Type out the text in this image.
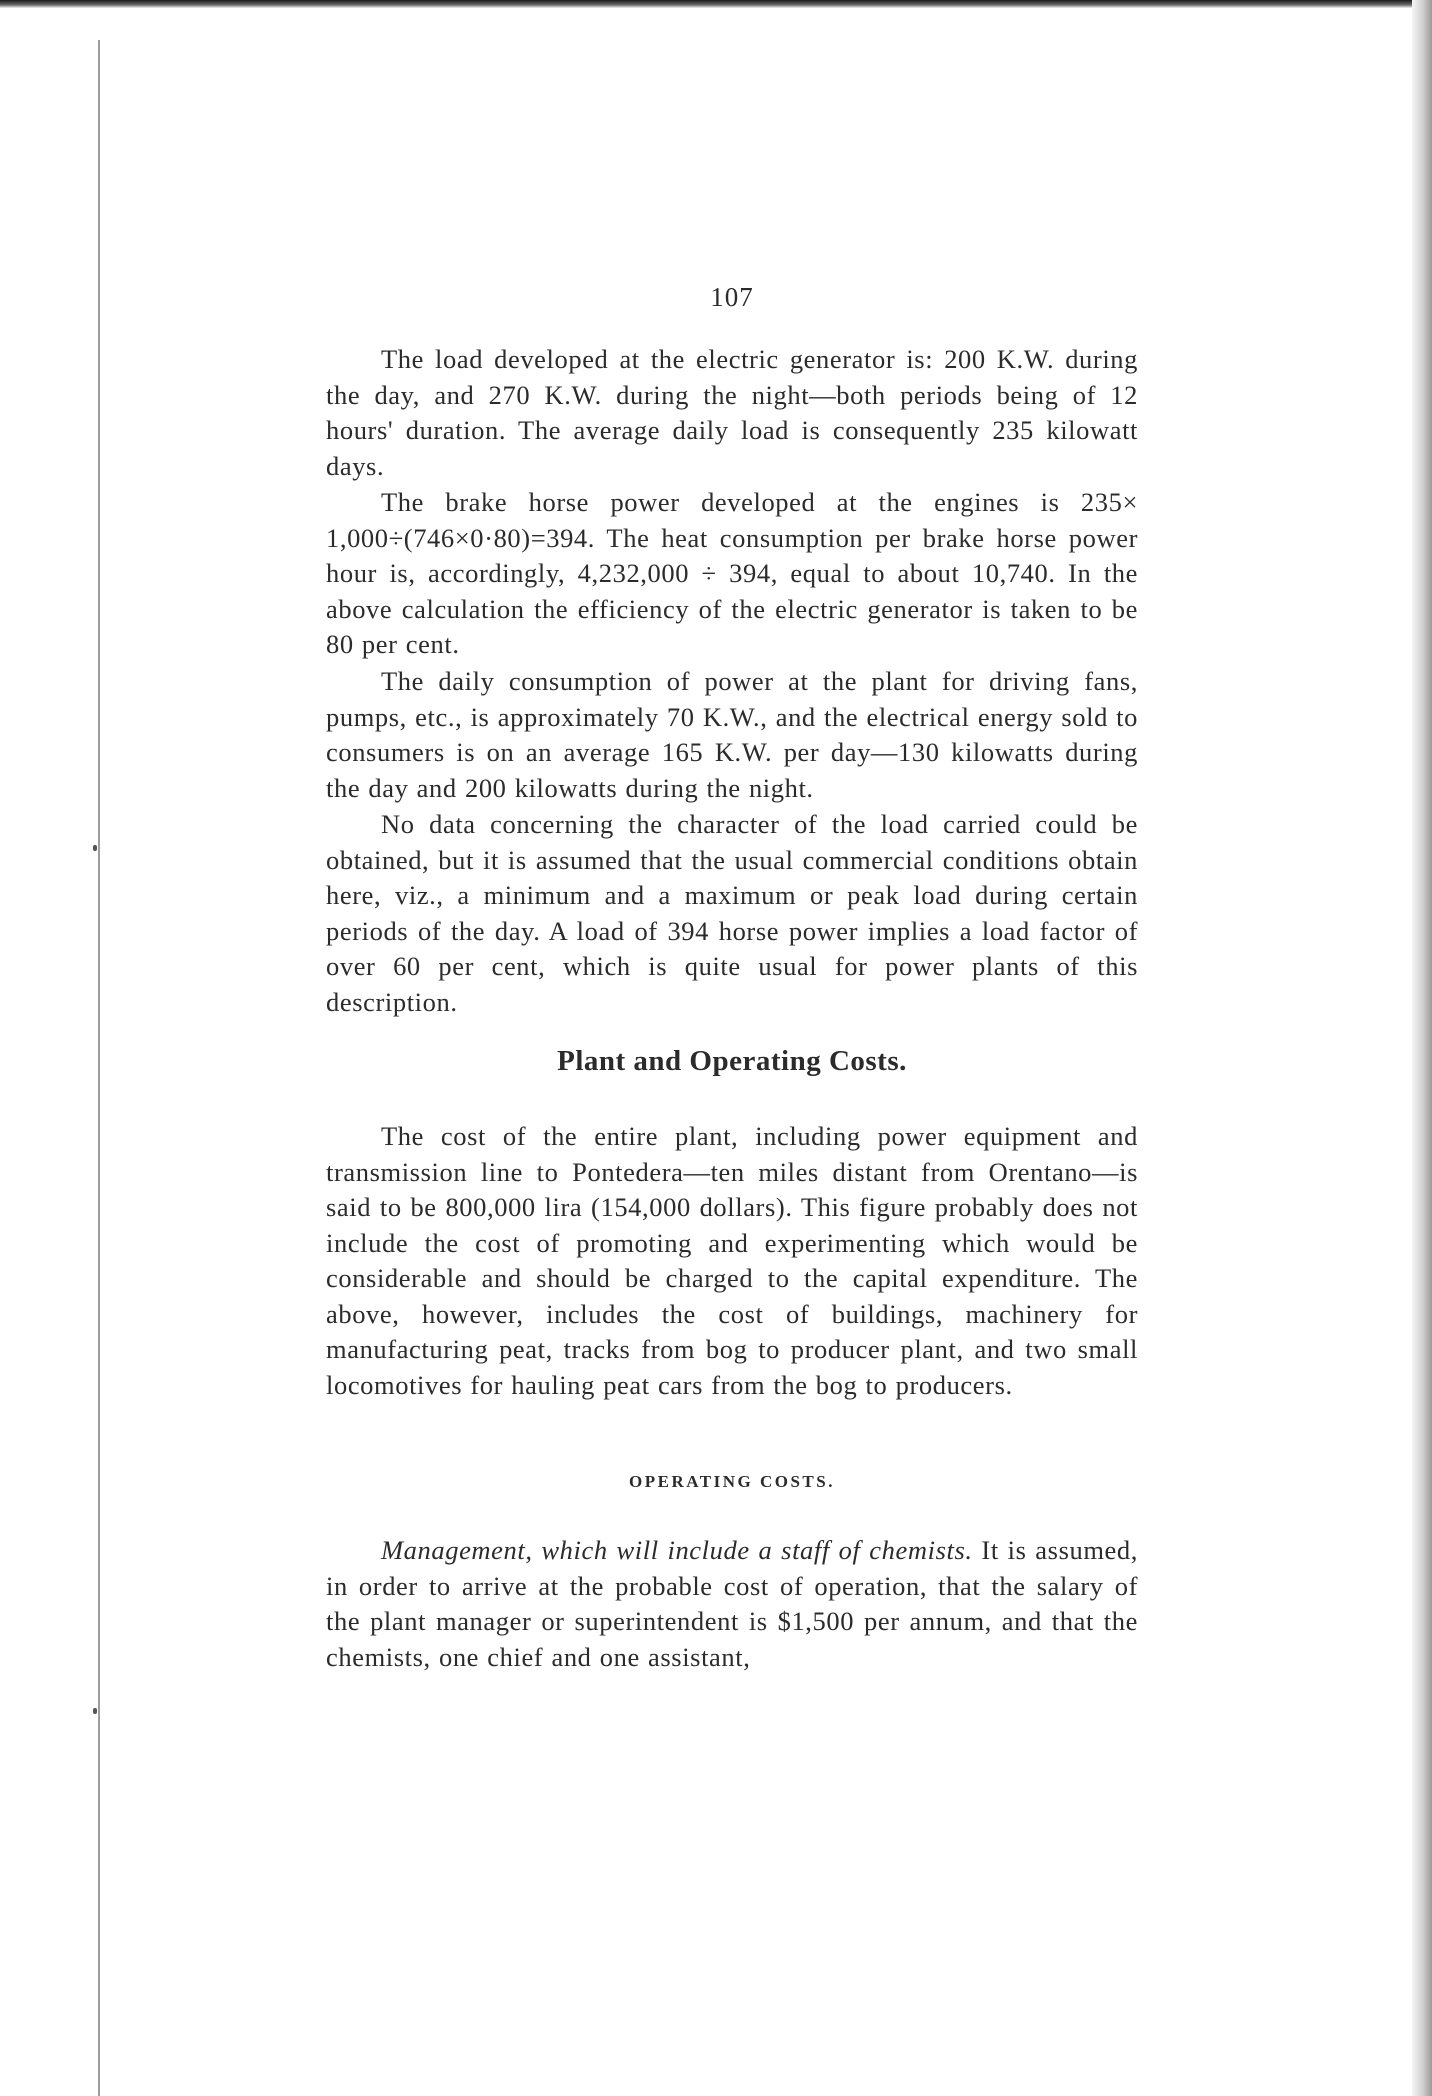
107

The load developed at the electric generator is: 200 K.W. during the day, and 270 K.W. during the night—both periods being of 12 hours' duration. The average daily load is consequently 235 kilowatt days.

The brake horse power developed at the engines is 235× 1,000÷(746×0·80)=394. The heat consumption per brake horse power hour is, accordingly, 4,232,000 ÷ 394, equal to about 10,740. In the above calculation the efficiency of the electric generator is taken to be 80 per cent.

The daily consumption of power at the plant for driving fans, pumps, etc., is approximately 70 K.W., and the electrical energy sold to consumers is on an average 165 K.W. per day—130 kilowatts during the day and 200 kilowatts during the night.

No data concerning the character of the load carried could be obtained, but it is assumed that the usual commercial conditions obtain here, viz., a minimum and a maximum or peak load during certain periods of the day. A load of 394 horse power implies a load factor of over 60 per cent, which is quite usual for power plants of this description.

Plant and Operating Costs.

The cost of the entire plant, including power equipment and transmission line to Pontedera—ten miles distant from Orentano—is said to be 800,000 lira (154,000 dollars). This figure probably does not include the cost of promoting and experimenting which would be considerable and should be charged to the capital expenditure. The above, however, includes the cost of buildings, machinery for manufacturing peat, tracks from bog to producer plant, and two small locomotives for hauling peat cars from the bog to producers.

OPERATING COSTS.

Management, which will include a staff of chemists. It is assumed, in order to arrive at the probable cost of operation, that the salary of the plant manager or superintendent is $1,500 per annum, and that the chemists, one chief and one assistant,
